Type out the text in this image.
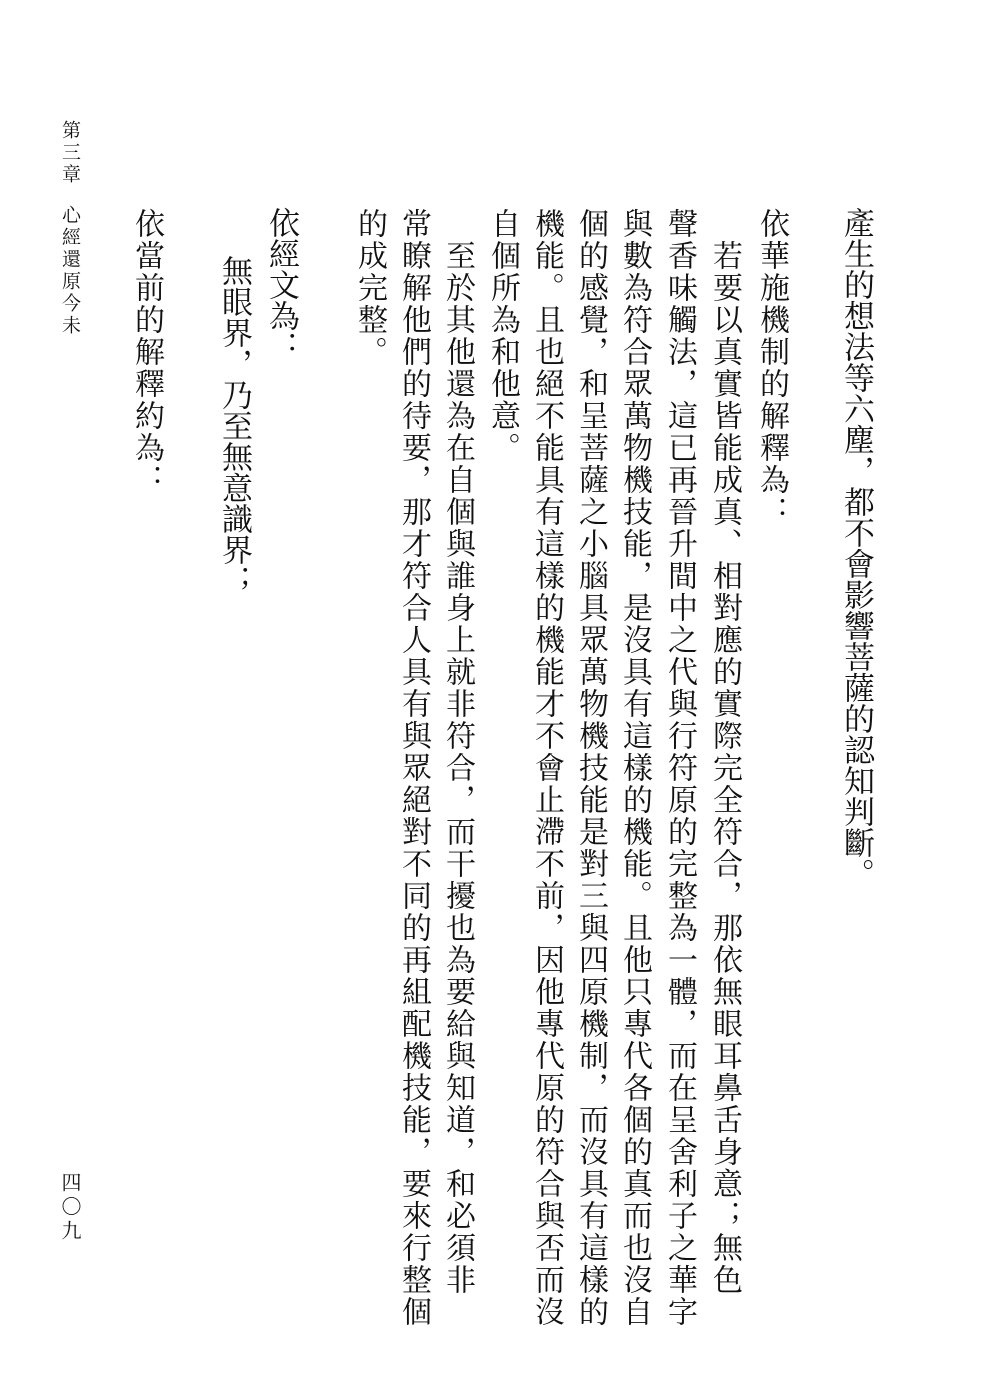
第三章
心經還原今未
四〇九
產生的想法等六塵，都不會影響菩薩的認知判斷。
依華施機制的解釋為：
　若要以真實皆能成真、相對應的實際完全符合，那依無眼耳鼻舌身意；無色
聲香味觸法，這已再晉升間中之代與行符原的完整為一體，而在呈舍利子之華字
與數為符合眾萬物機技能，是沒具有這樣的機能。且他只專代各個的真而也沒自
個的感覺，和呈菩薩之小腦具眾萬物機技能是對三與四原機制，而沒具有這樣的
機能。且也絕不能具有這樣的機能才不會止滯不前，因他專代原的符合與否而沒
自個所為和他意。
　至於其他還為在自個與誰身上就非符合，而干擾也為要給與知道，和必須非
常瞭解他們的待要，那才符合人具有與眾絕對不同的再組配機技能，要來行整個
的成完整。
依經文為：
無眼界，乃至無意識界；
依當前的解釋約為：
